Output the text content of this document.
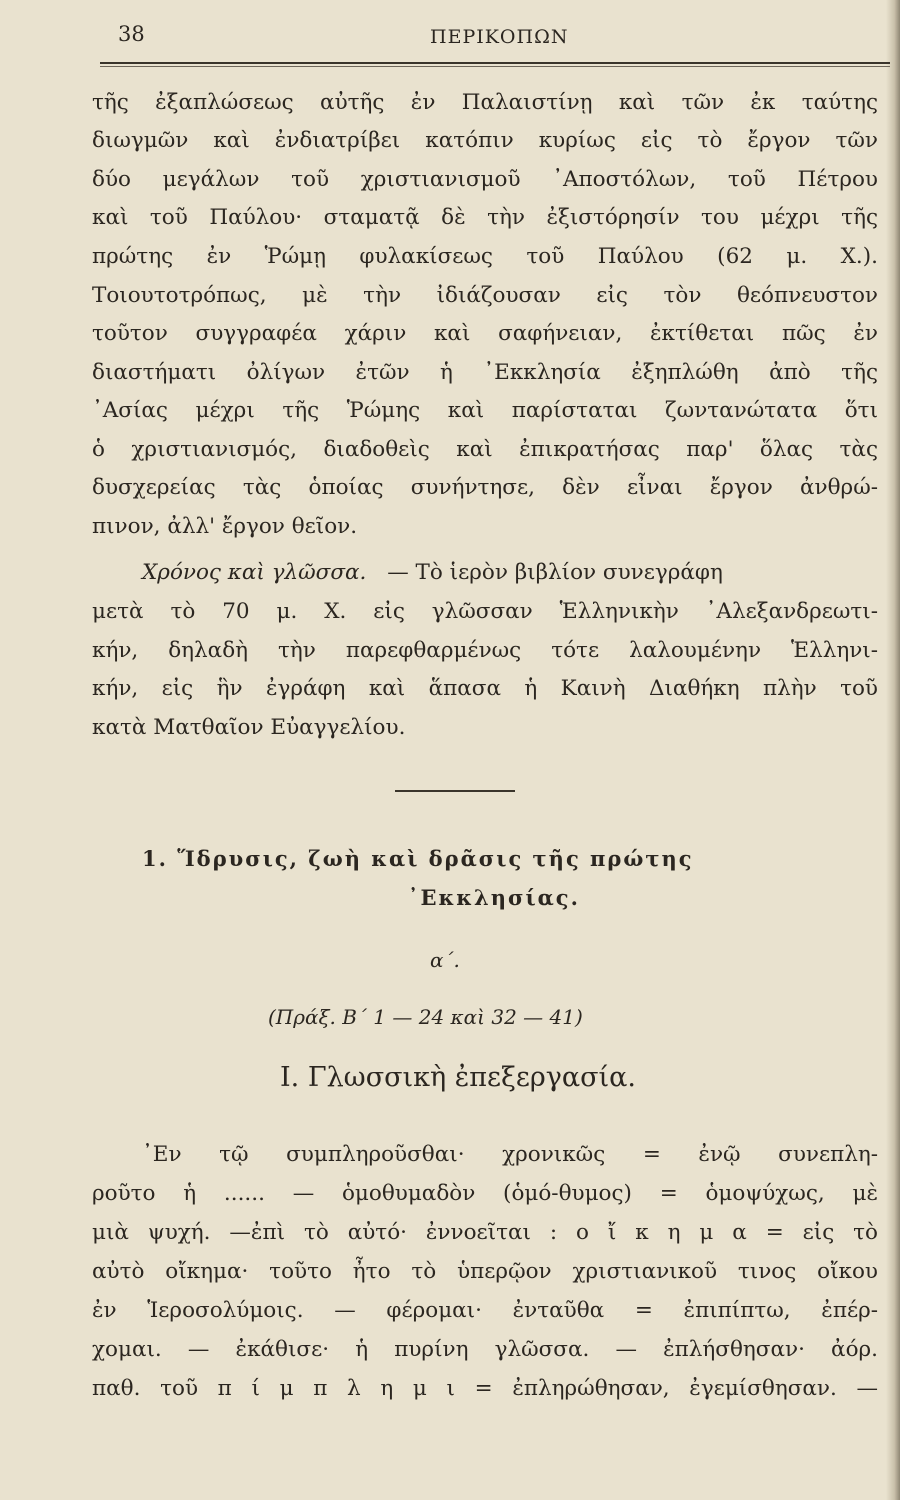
38	ΠΕΡΙΚΟΠΩΝ
τῆς ἐξαπλώσεως αὐτῆς ἐν Παλαιστίνῃ καὶ τῶν ἐκ ταύτης
διωγμῶν καὶ ἐνδιατρίβει κατόπιν κυρίως εἰς τὸ ἔργον τῶν
δύο μεγάλων τοῦ χριστιανισμοῦ ᾿Αποστόλων, τοῦ Πέτρου
καὶ τοῦ Παύλου· σταματᾷ δὲ τὴν ἐξιστόρησίν του μέχρι τῆς
πρώτης ἐν Ῥώμῃ φυλακίσεως τοῦ Παύλου (62 μ. Χ.).
Τοιουτοτρόπως, μὲ τὴν ἰδιάζουσαν εἰς τὸν θεόπνευστον
τοῦτον συγγραφέα χάριν καὶ σαφήνειαν, ἐκτίθεται πῶς ἐν
διαστήματι ὀλίγων ἐτῶν ἡ ᾿Εκκλησία ἐξηπλώθη ἀπὸ τῆς
᾿Ασίας μέχρι τῆς Ῥώμης καὶ παρίσταται ζωντανώτατα ὅτι
ὁ χριστιανισμός, διαδοθεὶς καὶ ἐπικρατήσας παρ' ὅλας τὰς
δυσχερείας τὰς ὁποίας συνήντησε, δὲν εἶναι ἔργον ἀνθρώ-
πινον, ἀλλ' ἔργον θεῖον.
Χρόνος καὶ γλῶσσα. — Τὸ ἱερὸν βιβλίον συνεγράφη
μετὰ τὸ 70 μ. Χ. εἰς γλῶσσαν Ἑλληνικὴν ᾿Αλεξανδρεωτι-
κήν, δηλαδὴ τὴν παρεφθαρμένως τότε λαλουμένην Ἑλληνι-
κήν, εἰς ἣν ἐγράφη καὶ ἅπασα ἡ Καινὴ Διαθήκη πλὴν τοῦ
κατὰ Ματθαῖον Εὐαγγελίου.
1. Ἵδρυσις, ζωὴ καὶ δρᾶσις τῆς πρώτης
᾿Εκκλησίας.
α΄.
(Πράξ. Β΄ 1 — 24 καὶ 32 — 41)
Ι. Γλωσσικὴ ἐπεξεργασία.
᾿Εν τῷ συμπληροῦσθαι· χρονικῶς = ἐνῷ συνεπλη-
ροῦτο ἡ ...... — ὁμοθυμαδὸν (ὁμό-θυμος) = ὁμοψύχως, μὲ
μιὰ ψυχή. —ἐπὶ τὸ αὐτό· ἐννοεῖται : ο ἴ κ η μ α = εἰς τὸ
αὐτὸ οἴκημα· τοῦτο ἦτο τὸ ὑπερῷον χριστιανικοῦ τινος οἴκου
ἐν Ἱεροσολύμοις. — φέρομαι· ἐνταῦθα = ἐπιπίπτω, ἐπέρ-
χομαι. — ἐκάθισε· ἡ πυρίνη γλῶσσα. — ἐπλήσθησαν· ἀόρ.
παθ. τοῦ π ί μ π λ η μ ι = ἐπληρώθησαν, ἐγεμίσθησαν. —
